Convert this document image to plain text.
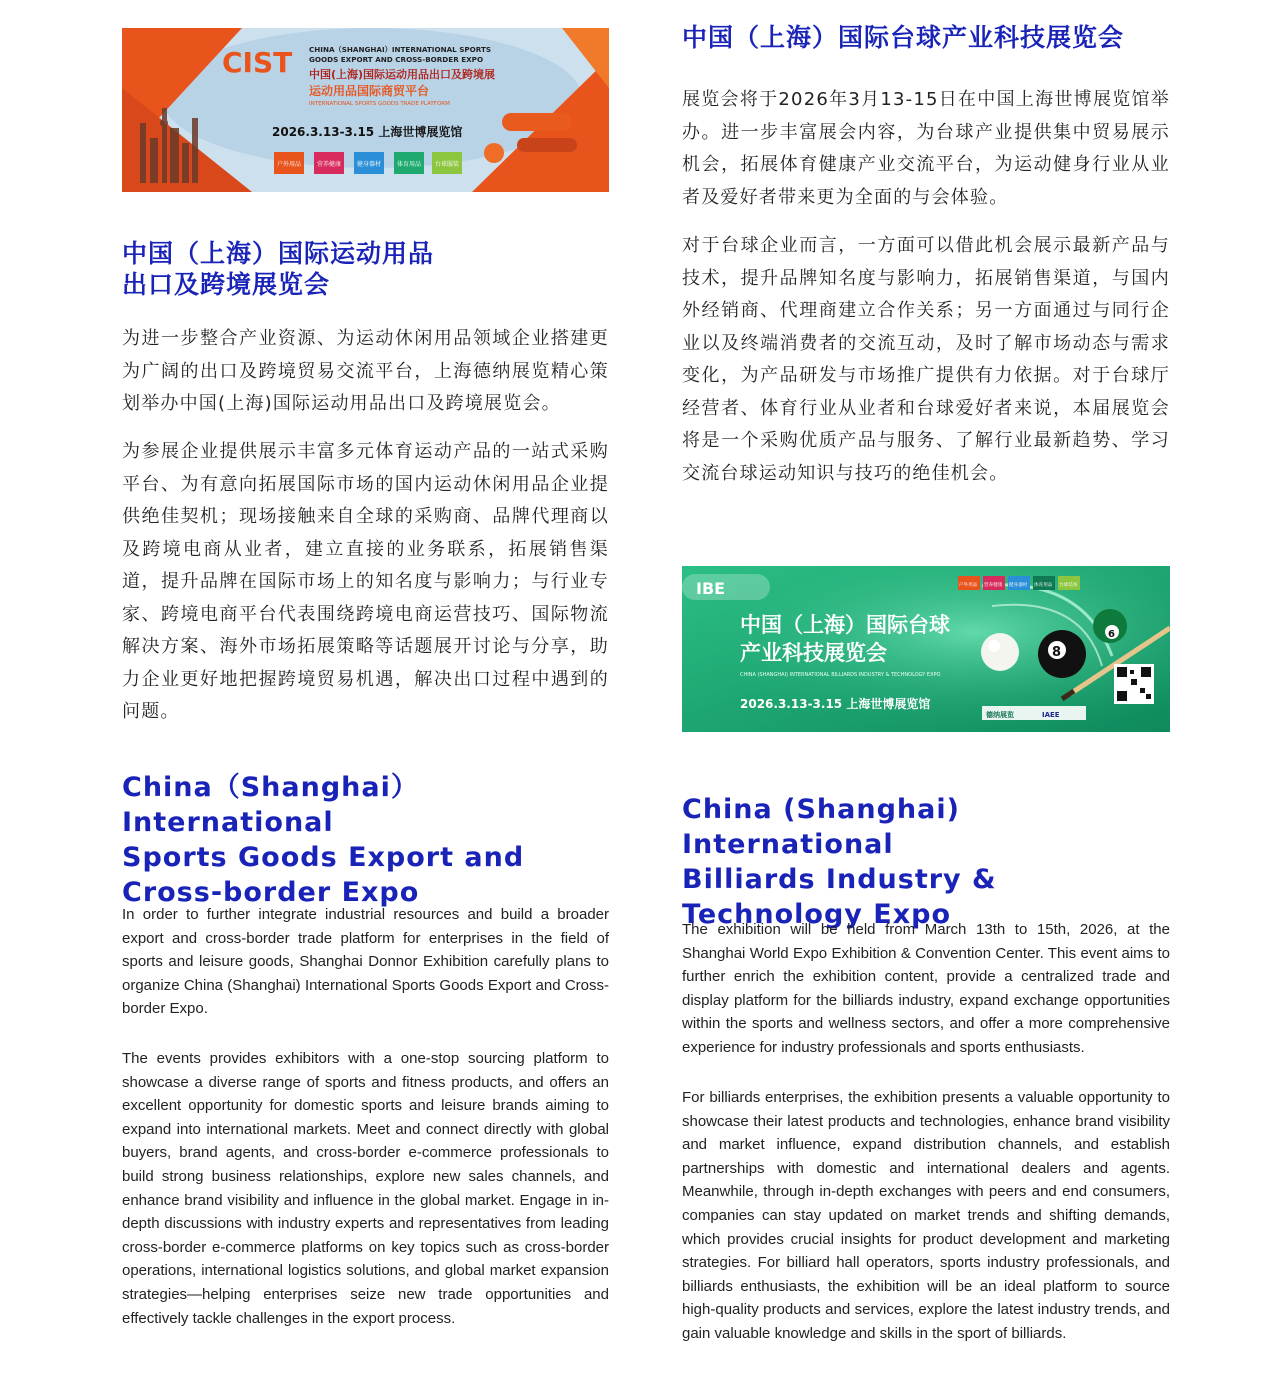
CIST CHINA（SHANGHAI）INTERNATIONAL SPORTS
GOODS EXPORT AND CROSS-BORDER EXPO
中国(上海)国际运动用品出口及跨境展
运动用品国际商贸平台
INTERNATIONAL SPORTS GOODS TRADE PLATFORM
2026.3.13-3.15 上海世博展览馆
户外用品	营养健康	健身器材	体育用品 台球服装
中国（上海）国际运动用品
出口及跨境展览会

为进一步整合产业资源、为运动休闲用品领域企业搭建更为广阔的出口及跨境贸易交流平台，上海德纳展览精心策划举办中国(上海)国际运动用品出口及跨境展览会。

为参展企业提供展示丰富多元体育运动产品的一站式采购平台、为有意向拓展国际市场的国内运动休闲用品企业提供绝佳契机；现场接触来自全球的采购商、品牌代理商以及跨境电商从业者，建立直接的业务联系，拓展销售渠道，提升品牌在国际市场上的知名度与影响力；与行业专家、跨境电商平台代表围绕跨境电商运营技巧、国际物流解决方案、海外市场拓展策略等话题展开讨论与分享，助力企业更好地把握跨境贸易机遇，解决出口过程中遇到的问题。

China（Shanghai）International
Sports Goods Export and
Cross-border Expo

In order to further integrate industrial resources and build a broader export and cross-border trade platform for enterprises in the field of sports and leisure goods, Shanghai Donnor Exhibition carefully plans to organize China (Shanghai) International Sports Goods Export and Cross-border Expo.

The events provides exhibitors with a one-stop sourcing platform to showcase a diverse range of sports and fitness products, and offers an excellent opportunity for domestic sports and leisure brands aiming to expand into international markets. Meet and connect directly with global buyers, brand agents, and cross-border e-commerce professionals to build strong business relationships, explore new sales channels, and enhance brand visibility and influence in the global market. Engage in in-depth discussions with industry experts and representatives from leading cross-border e-commerce platforms on key topics such as cross-border operations, international logistics solutions, and global market expansion strategies—helping enterprises seize new trade opportunities and effectively tackle challenges in the export process.

中国（上海）国际台球产业科技展览会

展览会将于2026年3月13-15日在中国上海世博展览馆举办。进一步丰富展会内容，为台球产业提供集中贸易展示机会，拓展体育健康产业交流平台，为运动健身行业从业者及爱好者带来更为全面的与会体验。

对于台球企业而言，一方面可以借此机会展示最新产品与技术，提升品牌知名度与影响力，拓展销售渠道，与国内外经销商、代理商建立合作关系；另一方面通过与同行企业以及终端消费者的交流互动，及时了解市场动态与需求变化，为产品研发与市场推广提供有力依据。对于台球厅经营者、体育行业从业者和台球爱好者来说，本届展览会将是一个采购优质产品与服务、了解行业最新趋势、学习交流台球运动知识与技巧的绝佳机会。

IBE
中国（上海）国际台球
产业科技展览会
CHINA (SHANGHAI) INTERNATIONAL BILLIARDS INDUSTRY & TECHNOLOGY EXPO
2026.3.13-3.15 上海世博展览馆
户外用品 营养健康 健身器材 体育用品 台球装备
8
6
德纳展览	IAEE
China (Shanghai) International
Billiards Industry &
Technology Expo

The exhibition will be held from March 13th to 15th, 2026, at the Shanghai World Expo Exhibition & Convention Center. This event aims to further enrich the exhibition content, provide a centralized trade and display platform for the billiards industry, expand exchange opportunities within the sports and wellness sectors, and offer a more comprehensive experience for industry professionals and sports enthusiasts.

For billiards enterprises, the exhibition presents a valuable opportunity to showcase their latest products and technologies, enhance brand visibility and market influence, expand distribution channels, and establish partnerships with domestic and international dealers and agents. Meanwhile, through in-depth exchanges with peers and end consumers, companies can stay updated on market trends and shifting demands, which provides crucial insights for product development and marketing strategies. For billiard hall operators, sports industry professionals, and billiards enthusiasts, the exhibition will be an ideal platform to source high-quality products and services, explore the latest industry trends, and gain valuable knowledge and skills in the sport of billiards.
